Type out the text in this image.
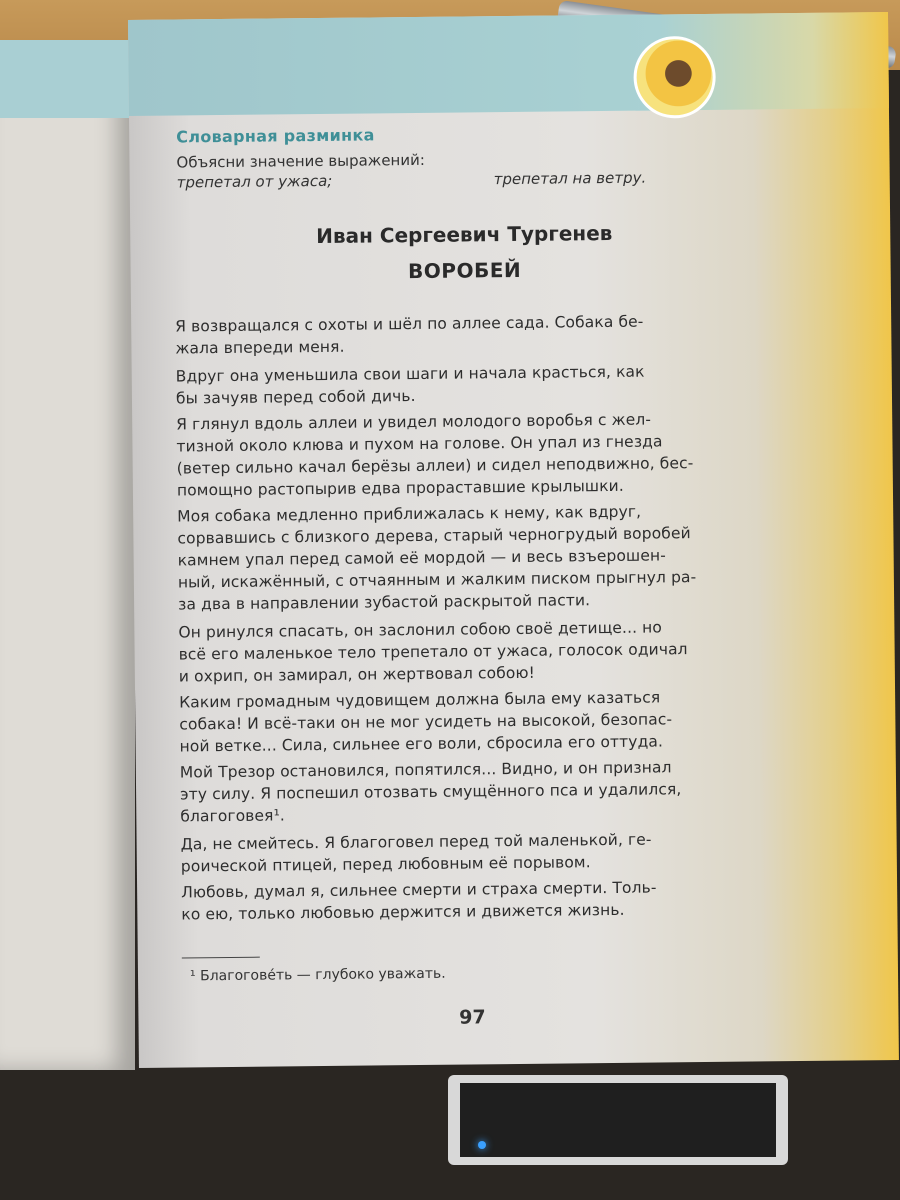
Словарная разминка
Объясни значение выражений:
трепетал от ужаса;	трепетал на ветру.
Иван Сергеевич Тургенев
ВОРОБЕЙ
Я возвращался с охоты и шёл по аллее сада. Собака бе-
жала впереди меня.
Вдруг она уменьшила свои шаги и начала красться, как
бы зачуяв перед собой дичь.
Я глянул вдоль аллеи и увидел молодого воробья с жел-
тизной около клюва и пухом на голове. Он упал из гнезда
(ветер сильно качал берёзы аллеи) и сидел неподвижно, бес-
помощно растопырив едва прораставшие крылышки.
Моя собака медленно приближалась к нему, как вдруг,
сорвавшись с близкого дерева, старый черногрудый воробей
камнем упал перед самой её мордой — и весь взъерошен-
ный, искажённый, с отчаянным и жалким писком прыгнул ра-
за два в направлении зубастой раскрытой пасти.
Он ринулся спасать, он заслонил собою своё детище... но
всё его маленькое тело трепетало от ужаса, голосок одичал
и охрип, он замирал, он жертвовал собою!
Каким громадным чудовищем должна была ему казаться
собака! И всё-таки он не мог усидеть на высокой, безопас-
ной ветке... Сила, сильнее его воли, сбросила его оттуда.
Мой Трезор остановился, попятился... Видно, и он признал
эту силу. Я поспешил отозвать смущённого пса и удалился,
благоговея¹.
Да, не смейтесь. Я благоговел перед той маленькой, ге-
роической птицей, перед любовным её порывом.
Любовь, думал я, сильнее смерти и страха смерти. Толь-
ко ею, только любовью держится и движется жизнь.
¹ Благогове́ть — глубоко уважать.
97
